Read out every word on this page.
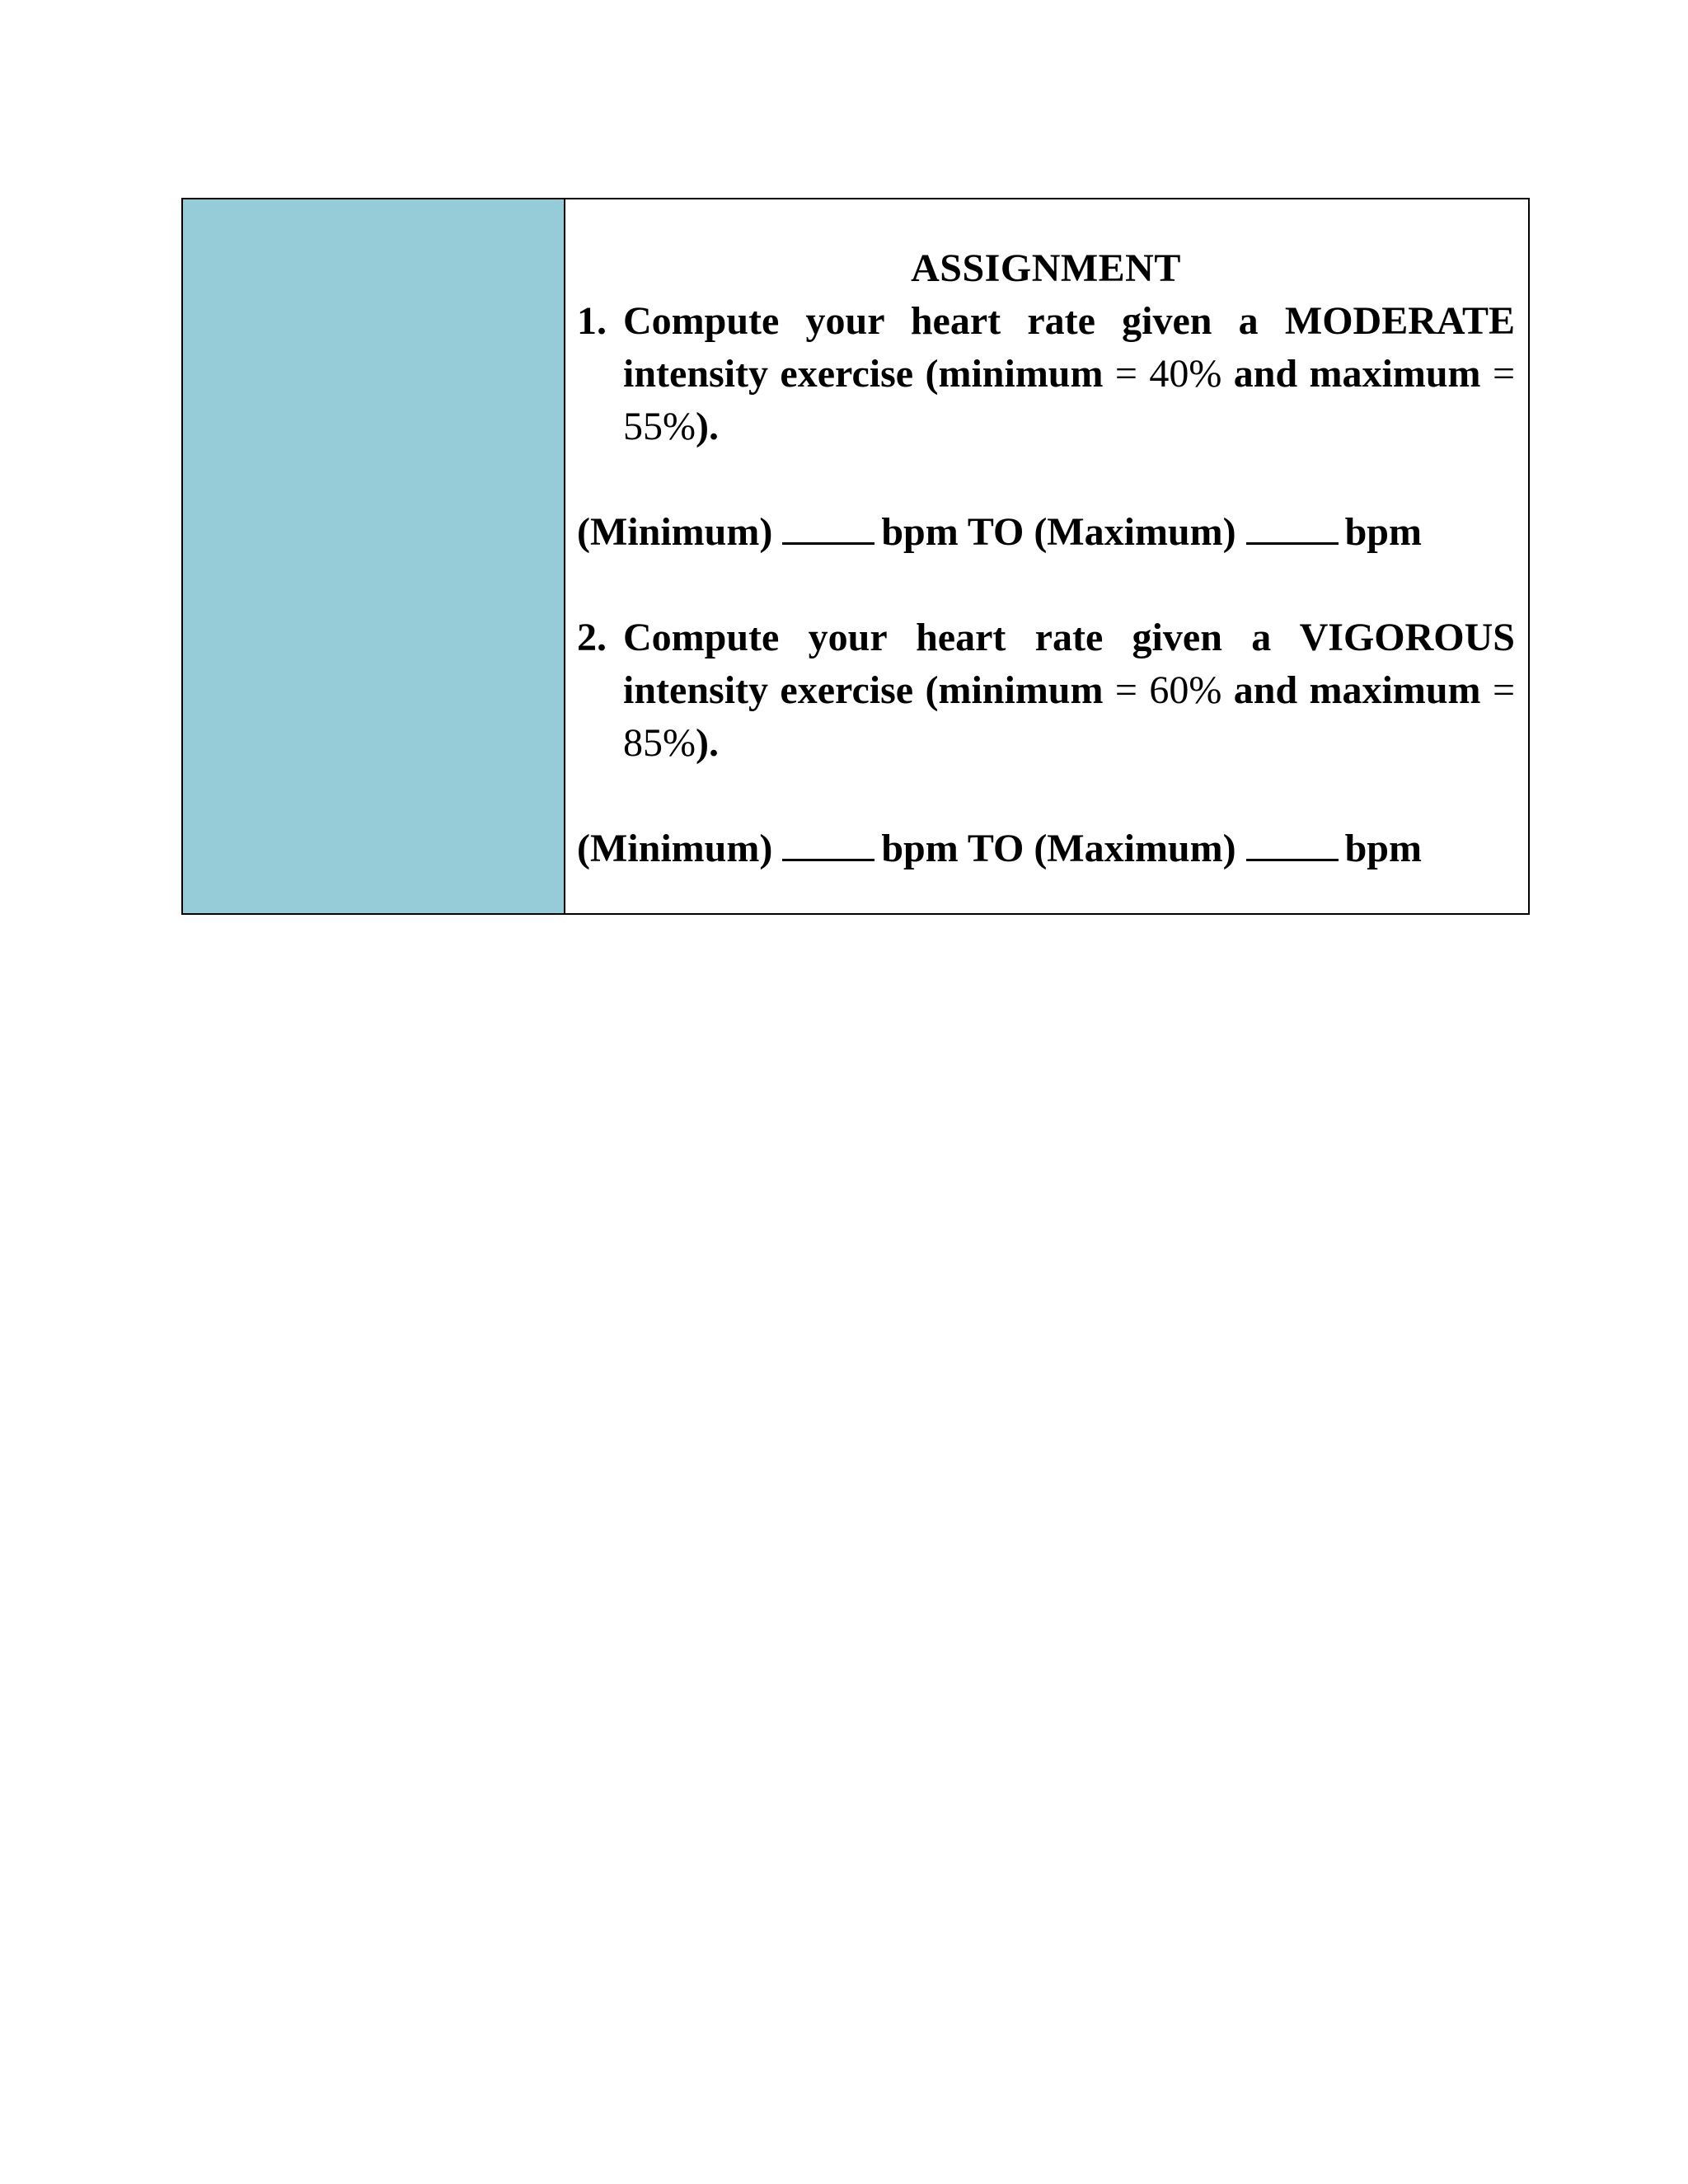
ASSIGNMENT

1. Compute your heart rate given a MODERATE intensity exercise (minimum = 40% and maximum = 55%).

(Minimum)	bpm TO (Maximum)	bpm

2. Compute your heart rate given a VIGOROUS intensity exercise (minimum = 60% and maximum = 85%).

(Minimum)	bpm TO (Maximum)	bpm
